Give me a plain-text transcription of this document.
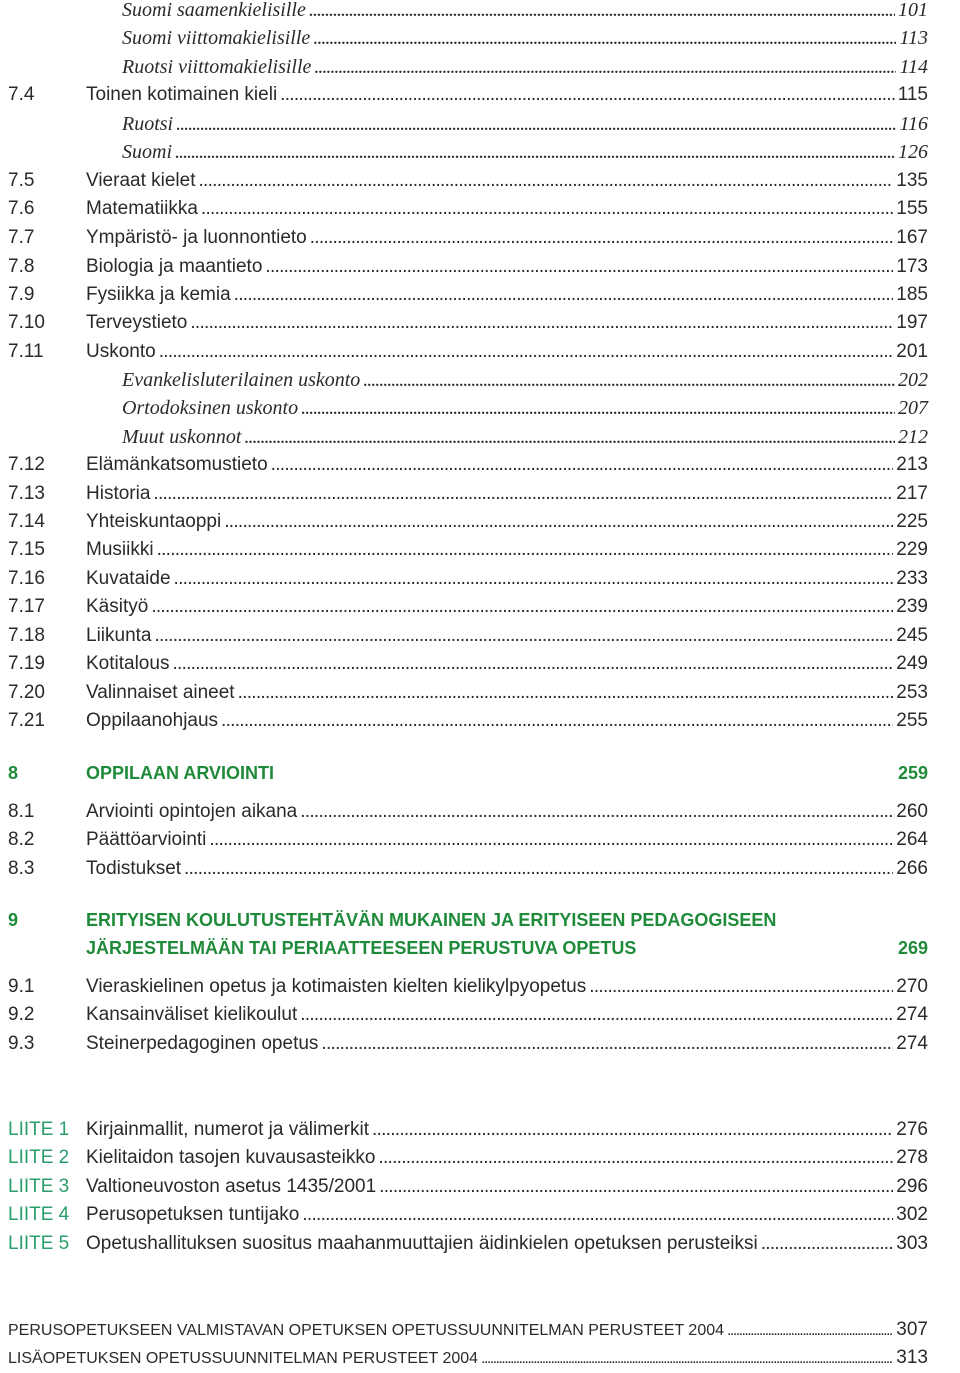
Suomi saamenkielisille . . .	101
Suomi viittomakielisille . . .	113
Ruotsi viittomakielisille . . .	114
7.4	Toinen kotimainen kieli . . .	115
Ruotsi . . .	116
Suomi . . .	126
7.5	Vieraat kielet . . .	135
7.6	Matematiikka . . .	155
7.7	Ympäristö- ja luonnontieto . . .	167
7.8	Biologia ja maantieto . . .	173
7.9	Fysiikka ja kemia . . .	185
7.10 Terveystieto . . .	197
7.11 Uskonto . . .	201
Evankelisluterilainen uskonto . . .	202
Ortodoksinen uskonto . . .	207
Muut uskonnot . . .	212
7.12 Elämänkatsomustieto . . .	213
7.13 Historia . . .	217
7.14 Yhteiskuntaoppi . . .	225
7.15 Musiikki . . .	229
7.16 Kuvataide . . .	233
7.17 Käsityö . . .	239
7.18 Liikunta . . .	245
7.19 Kotitalous . . .	249
7.20 Valinnaiset aineet . . .	253
7.21 Oppilaanohjaus . . .	255
8	OPPILAAN ARVIOINTI	259
8.1	Arviointi opintojen aikana . . .	260
8.2	Päättöarviointi . . .	264
8.3	Todistukset . . .	266
9	ERITYISEN KOULUTUSTEHTÄVÄN MUKAINEN JA ERITYISEEN PEDAGOGISEEN
JÄRJESTELMÄÄN TAI PERIAATTEESEEN PERUSTUVA OPETUS	269
9.1	Vieraskielinen opetus ja kotimaisten kielten kielikylpyopetus . . .	270
9.2	Kansainväliset kielikoulut . . .	274
9.3	Steinerpedagoginen opetus . . .	274
LIITE 1 Kirjainmallit, numerot ja välimerkit . . .	276
LIITE 2 Kielitaidon tasojen kuvausasteikko . . .	278
LIITE 3 Valtioneuvoston asetus 1435/2001 . . .	296
LIITE 4 Perusopetuksen tuntijako . . .	302
LIITE 5 Opetushallituksen suositus maahanmuuttajien äidinkielen opetuksen perusteiksi . . .	303
PERUSOPETUKSEEN VALMISTAVAN OPETUKSEN OPETUSSUUNNITELMAN PERUSTEET 2004 . . .	307
LISÄOPETUKSEN OPETUSSUUNNITELMAN PERUSTEET 2004 . . .	313
